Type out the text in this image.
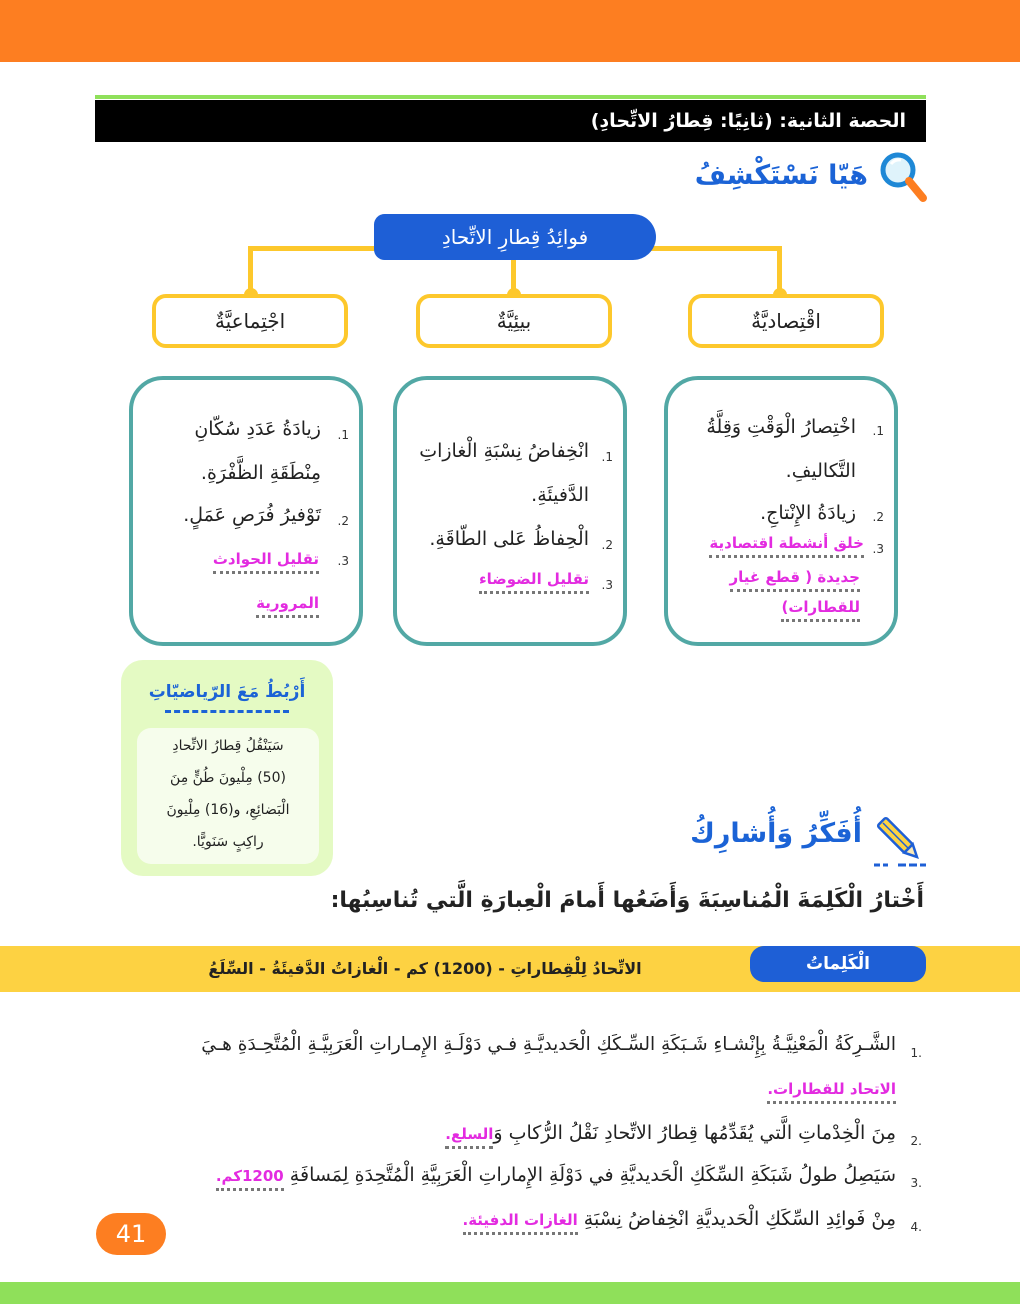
الحصة الثانية: (ثانِيًا: قِطارُ الاتِّحادِ)
هَيّا نَسْتَكْشِفُ
فوائِدُ قِطارِ الاتِّحادِ
اقْتِصاديَّةٌ
بيئِيَّةٌ
اجْتِماعيَّةٌ
1.
اخْتِصارُ الْوَقْتِ وَقِلَّةُ
التَّكاليفِ.
2.
زيادَةُ الإِنْتاجِ.
3.
خلق أنشطة اقتصادية
جديدة ( قطع غيار
للقطارات)
1.
انْخِفاضُ نِسْبَةِ الْغازاتِ
الدَّفيئَةِ.
2.
الْحِفاظُ عَلى الطّاقَةِ.
3.
تقليل الضوضاء
1.
زيادَةُ عَدَدِ سُكّانِ
مِنْطَقَةِ الظَّفْرَةِ.
2.
تَوْفيرُ فُرَصِ عَمَلٍ.
3.
تقليل الحوادث
المرورية
أَرْبُطُ مَعَ الرّياضيّاتِ
سَيَنْقُلُ قِطارُ الاتِّحادِ
(50) مِلْيونَ طُنٍّ مِنَ
الْبَضائِعِ، و(16) مِلْيونَ
راكِبٍ سَنَويًّا.	أُفَكِّرُ وَأُشارِكُ
أَخْتارُ الْكَلِمَةَ الْمُناسِبَةَ وَأَضَعُها أَمامَ الْعِبارَةِ الَّتي تُناسِبُها:
الْكَلِماتُ
الاتِّحادُ لِلْقِطاراتِ - (1200) كم - الْغازاتُ الدَّفيئَةُ - السِّلَعُ
1.
الشَّـرِكَةُ الْمَعْنِيَّـةُ بِإِنْشـاءِ شَـبَكَةِ السِّـكَكِ الْحَديديَّـةِ فـي دَوْلَـةِ الإِمـاراتِ الْعَرَبِيَّـةِ الْمُتَّحِـدَةِ هـيَ
الاتحاد للقطارات.
2.
مِنَ الْخِدْماتِ الَّتي يُقَدِّمُها قِطارُ الاتِّحادِ نَقْلُ الرُّكابِ وَالسلع.
3.
سَيَصِلُ طولُ شَبَكَةِ السِّكَكِ الْحَديديَّةِ في دَوْلَةِ الإِماراتِ الْعَرَبِيَّةِ الْمُتَّحِدَةِ لِمَسافَةِ 1200كم.
4.
مِنْ فَوائِدِ السِّكَكِ الْحَديديَّةِ انْخِفاضُ نِسْبَةِ الغازات الدفيئة.
41
